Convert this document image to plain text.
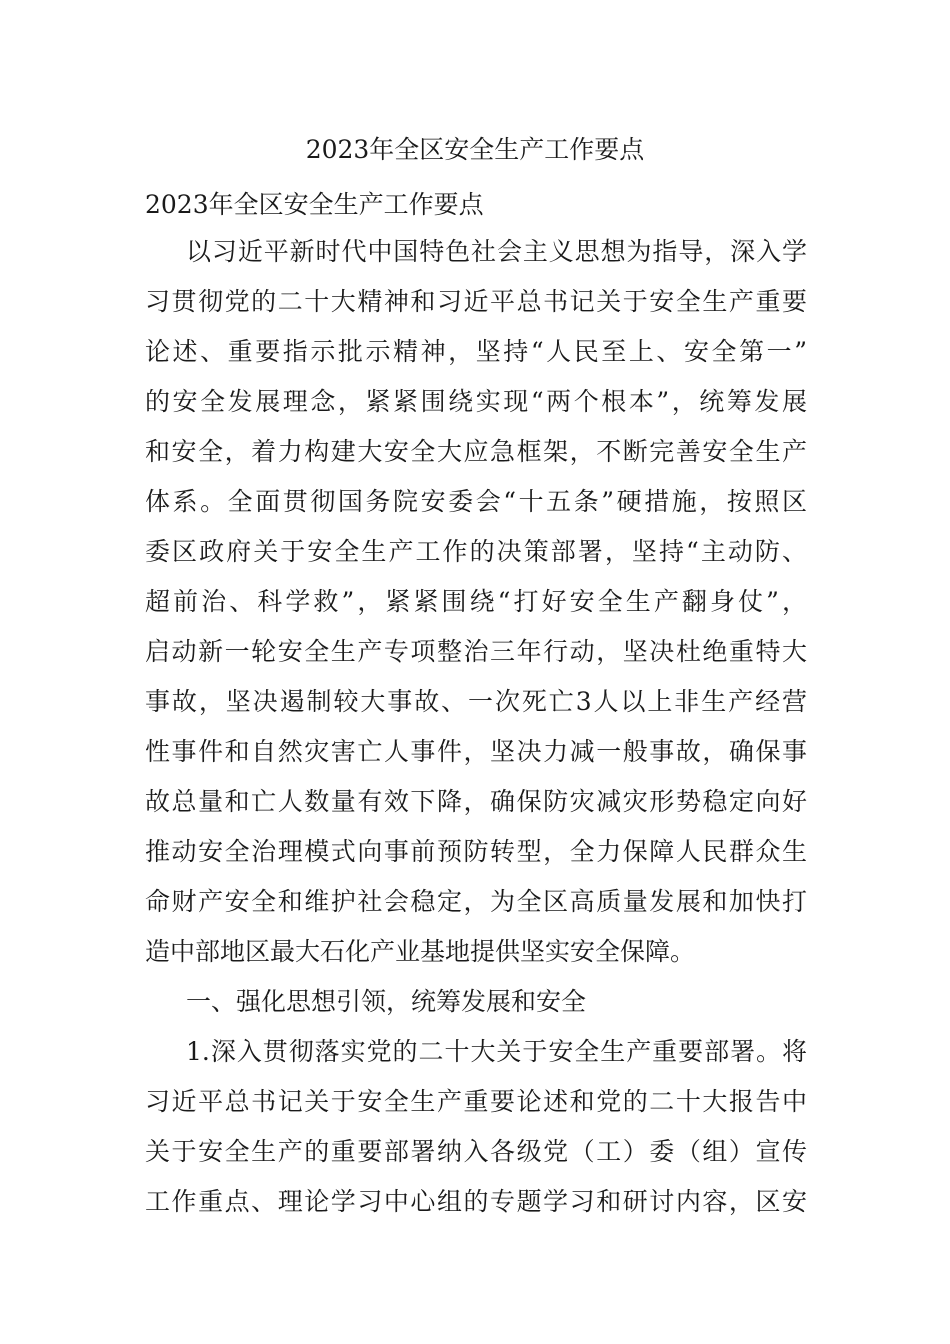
2023年全区安全生产工作要点
2023年全区安全生产工作要点
以习近平新时代中国特色社会主义思想为指导，深入学
习贯彻党的二十大精神和习近平总书记关于安全生产重要
论述、重要指示批示精神，坚持“人民至上、安全第一”
的安全发展理念，紧紧围绕实现“两个根本”，统筹发展
和安全，着力构建大安全大应急框架，不断完善安全生产
体系。全面贯彻国务院安委会“十五条”硬措施，按照区
委区政府关于安全生产工作的决策部署，坚持“主动防、
超前治、科学救”，紧紧围绕“打好安全生产翻身仗”，
启动新一轮安全生产专项整治三年行动，坚决杜绝重特大
事故，坚决遏制较大事故、一次死亡3人以上非生产经营
性事件和自然灾害亡人事件，坚决力减一般事故，确保事
故总量和亡人数量有效下降，确保防灾减灾形势稳定向好
推动安全治理模式向事前预防转型，全力保障人民群众生
命财产安全和维护社会稳定，为全区高质量发展和加快打
造中部地区最大石化产业基地提供坚实安全保障。
一、强化思想引领，统筹发展和安全
1.深入贯彻落实党的二十大关于安全生产重要部署。将
习近平总书记关于安全生产重要论述和党的二十大报告中
关于安全生产的重要部署纳入各级党（工）委（组）宣传
工作重点、理论学习中心组的专题学习和研讨内容，区安
